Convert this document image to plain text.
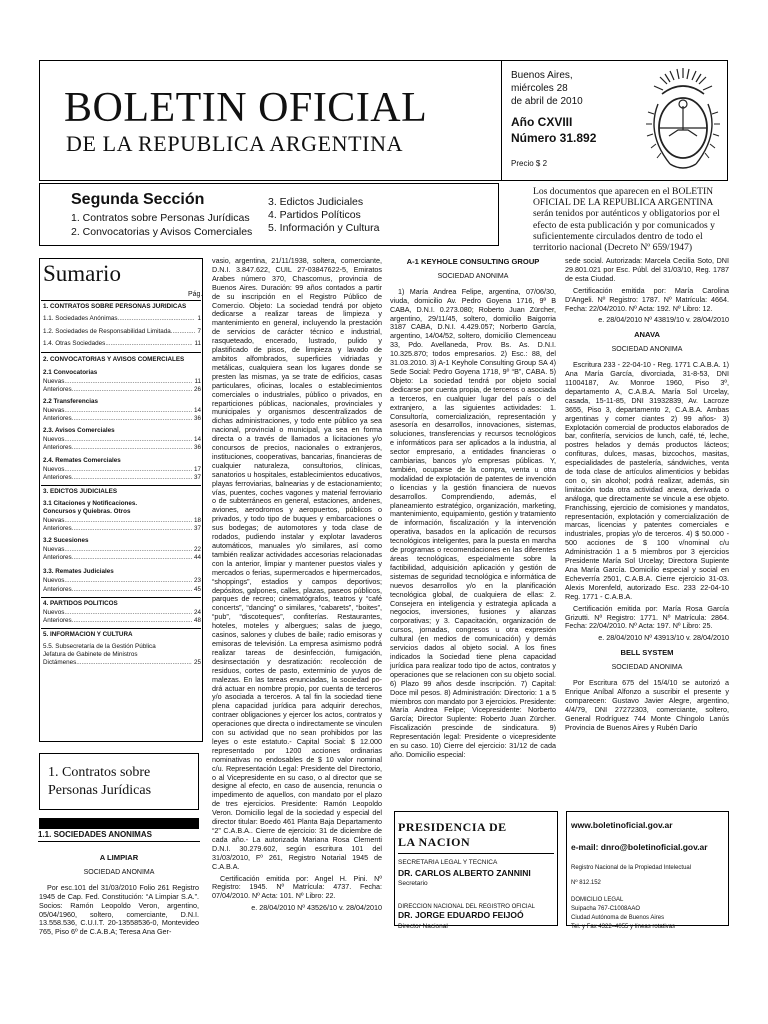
BOLETIN OFICIAL
DE LA REPUBLICA ARGENTINA
Buenos Aires,
miércoles 28
de abril de 2010
Año CXVIII
Número 31.892
Precio $ 2
Segunda Sección
1. Contratos sobre Personas Jurídicas
2. Convocatorias y Avisos Comerciales
3. Edictos Judiciales
4. Partidos Políticos
5. Información y Cultura
Los documentos que aparecen en el BOLETIN OFICIAL DE LA REPUBLICA ARGENTINA serán tenidos por auténticos y obligatorios por el efecto de esta publicación y por comunicados y suficientemente circulados dentro de todo el territorio nacional (Decreto Nº 659/1947)
Sumario
Pág.
1. CONTRATOS SOBRE PERSONAS JURIDICAS
1.1. Sociedades Anónimas .....	1
1.2. Sociedades de Responsabilidad Limitada .....	7
1.4. Otras Sociedades .....	11
2. CONVOCATORIAS Y AVISOS COMERCIALES
2.1 Convocatorias
Nuevas .....	11
Anteriores .....	26
2.2 Transferencias
Nuevas .....	14
Anteriores .....	36
2.3. Avisos Comerciales
Nuevos .....	14
Anteriores .....	36
2.4. Remates Comerciales
Nuevos .....	17
Anteriores .....	37
3. EDICTOS JUDICIALES
3.1 Citaciones y Notificaciones.
Concursos y Quiebras. Otros
Nuevas .....	18
Anteriores .....	37
3.2 Sucesiones
Nuevas .....	22
Anteriores .....	44
3.3. Remates Judiciales
Nuevos .....	23
Anteriores .....	45
4. PARTIDOS POLITICOS
Nuevos .....	24
Anteriores .....	48
5. INFORMACION Y CULTURA
5.5. Subsecretaría de la Gestión Pública
Jefatura de Gabinete de Ministros
Dictámenes .....	25
1. Contratos sobre
Personas Jurídicas
1.1. SOCIEDADES ANONIMAS
A LIMPIAR
SOCIEDAD ANONIMA

Por esc.101 del 31/03/2010 Folio 261 Registro 1945 de Cap. Fed. Constitución: “A Limpiar S.A.”. Socios: Ramón Leopoldo Veron, argentino, 05/04/1960, soltero, comerciante, D.N.I. 13.558.536, C.U.I.T. 20-13558536-0, Montevideo 765, Piso 6º de C.A.B.A; Teresa Ana Ger-

vasio, argentina, 21/11/1938, soltera, comerciante, D.N.I. 3.847.622, CUIL 27-03847622-5, Emiratos Arabes número 370, Chascomus, provincia de Buenos Aires. Duración: 99 años contados a partir de su inscripción en el Registro Público de Comercio. Objeto: La sociedad tendrá por objeto dedicarse a realizar tareas de limpieza y mantenimiento en general, incluyendo la prestación de servicios de carácter técnico e industrial, rasqueteado, encerado, lustrado, pulido y plastificado de pisos, de limpieza y lavado de ambitos alfombrados, superficies vidriadas y metálicas, cualquiera sean los lugares donde se presten las mismas, ya se trate de edificios, casas particulares, oficinas, locales o establecimientos comerciales o industriales, público o privados, en reparticiones públicas, nacionales, provinciales y municipales y organismos descentralizados de dichas administraciones, y todo ente público ya sea nacional, provincial o municipal, ya sea en forma directa o a través de llamados a licitaciones y/o concursos de precios, nacionales o extranjeros, instituciones, cooperativas, bancarias, financieras de cualquier naturaleza, consultorios, clínicas, sanatorios u hospitales, establecimientos educativos, playas ferroviarias, balnearias y de estacionamiento; vías, puentes, coches vagones y material ferroviario o de subterráneos en general, estaciones, andenes, aviones, aerodromos y aeropuertos, públicos o privados, y todo tipo de buques y embarcaciones o sus bodegas; de automotores y toda clase de rodados, pudiendo instalar y explotar lavaderos automáticos, manuales y/o similares, así como también realizar actividades accesorias relacionadas con la anterior, limpiar y mantener puestos viales y mercados o ferias, supermercados e hipermercados, “shoppings”, estadios y campos deportivos; depósitos, galpones, calles, plazas, paseos públicos, parques de recreo; cinematógrafos, teatros y “café concerts”, “dancing” o similares, “cabarets”, “boites”, “pub”, “discoteques”, confiterías. Restaurantes, hoteles, moteles y albergues; salas de juego, casinos, salones y clubes de baile; radio emisoras y emisoras de televisión. La empresa asimismo podrá realizar tareas de desinfección, fumigación, desinsectación y desratización: recolección de residuos, cortes de pasto, exterminio de yuyos de malezas. En las tareas enunciadas, la sociedad po-drá actuar en nombre propio, por cuenta de terceros y/o asociada a terceros. A tal fin la sociedad tiene plena capacidad jurídica para adquirir derechos, contraer obligaciones y ejercer los actos, contratos y operaciones que directa o indirectamente se vinculen con su actividad que no sean prohibidos por las leyes o este estatuto.- Capital Social: $ 12.000 representado por 1200 acciones ordinarias nominativas no endosables de $ 10 valor nominal c/u. Representación Legal: Presidente del Directorio, o al Vicepresidente en su caso, o al director que se designe al efecto, en caso de ausencia, renuncia o impedimento de aquellos, con mandato por el plazo de tres ejercicios. Presidente: Ramón Leopoldo Veron. Domicilio legal de la sociedad y especial del director titular: Boedo 461 Planta Baja Departamento “2” C.A.B.A.. Cierre de ejercicio: 31 de diciembre de cada año.- La autorizada Mariana Rosa Clementi D.N.I. 30.279.602, según escritura 101 del 31/03/2010, Fº 261, Registro Notarial 1945 de C.A.B.A.

Certificación emitida por: Angel H. Pini. Nº Registro: 1945. Nº Matrícula: 4737. Fecha: 07/04/2010. Nº Acta: 101. Nº Libro: 22.

e. 28/04/2010 Nº 43526/10 v. 28/04/2010
A-1 KEYHOLE CONSULTING GROUP
SOCIEDAD ANONIMA

1) María Andrea Felipe, argentina, 07/06/30, viuda, domicilio Av. Pedro Goyena 1716, 9º B CABA, D.N.I. 0.273.080; Roberto Juan Zürcher, argentino, 29/11/45, soltero, domicilio Baigorria 3187 CABA, D.N.I. 4.429.057; Norberto García, argentino, 14/04/52, soltero, domicilio Clemenceau 33, Pdo. Avellaneda, Prov. Bs. As. D.N.I. 10.325.870; todos empresarios. 2) Esc.: 88, del 31.03.2010. 3) A-1 Keyhole Consulting Group SA 4) Sede Social: Pedro Goyena 1718, 9º “B”, CABA. 5) Objeto: La sociedad tendrá por objeto social dedicarse por cuenta propia, de terceros o asociada a terceros, en cualquier lugar del país o del extranjero, a las siguientes actividades: 1. Consultoría, comercialización, representación y asesoría en desarrollos, innovaciones, sistemas, soluciones, transferencias y recursos tecnológicos e informáticos para ser aplicados a la industria, al sector empresario, a entidades financieras o cambiarias, bancos y/o empresas públicas. Y, también, ocuparse de la compra, venta u otra modalidad de explotación de patentes de invención o licencias y la gestión financiera de nuevos desarrollos. Comprendiendo, además, el planeamiento estratégico, organización, marketing, mantenimiento, equipamiento, gestión y tratamiento de información, fiscalización y la intervención operativa, basados en la aplicación de recursos tecnológicos inteligentes, para la puesta en marcha de programas o recomendaciones en las diferentes áreas tecnológicas, especialmente sobre la factibilidad, adquisición aplicación y gestión de sistemas de seguridad tecnológica e informática de nuevos desarrollos y/o en la planificación tecnológica global, de cualquiera de ellas: 2. Consejera en inteligencia y estrategia aplicada a negocios, inversiones, fusiones y alianzas corporativas; y 3. Capacitación, organización de cursos, jornadas, congresos u otra expresión cultural (en medios de comunicación) y demás servicios dados al objeto social. A los fines indicados la Sociedad tiene plena capacidad jurídica para realizar todo tipo de actos, contratos y operaciones que se relacionen con su objeto social. 6) Plazo 99 años desde inscripción. 7) Capital: Doce mil pesos. 8) Administración: Directorio: 1 a 5 miembros con mandato por 3 ejercicios. Presidente: María Andrea Felipe; Vicepresidente: Norberto García; Director Suplente: Roberto Juan Zürcher. Fiscalización prescinde de sindicatura. 9) Representación legal: Presidente o vicepresidente en su caso. 10) Cierre del ejercicio: 31/12 de cada año. Domicilio especial:

sede social. Autorizada: Marcela Cecilia Soto, DNI 29.801.021 por Esc. Públ. del 31/03/10, Reg. 1787 de esta Ciudad.

Certificación emitida por: María Carolina D'Angeli. Nº Registro: 1787. Nº Matrícula: 4664. Fecha: 22/04/2010. Nº Acta: 192. Nº Libro: 12.

e. 28/04/2010 Nº 43819/10 v. 28/04/2010
ANAVA
SOCIEDAD ANONIMA

Escritura 233 - 22-04-10 - Reg. 1771 C.A.B.A. 1) Ana María García, divorciada, 31-8-53, DNI 11004187, Av. Monroe 1960, Piso 3º, departamento A, C.A.B.A. María Sol Urcelay, casada, 15-11-85, DNI 31932839, Av. Lacroze 3655, Piso 3, departamento 2, C.A.B.A. Ambas argentinas y comer ciantes 2) 99 años- 3) Explotación comercial de productos elaborados de bar, confitería, servicios de lunch, café, té, leche, postres helados y demás productos lácteos; confituras, dulces, masas, bizcochos, masitas, especialidades de pastelería, sándwiches, venta de toda clase de artículos alimenticios y bebidas con o, sin alcohol; podrá realizar, además, sin limitación toda otra actividad anexa, derivada o análoga, que directamente se vincule a ese objeto. Franchissing, ejercicio de comisiones y mandatos, representación, explotación y comercialización de marcas, licencias y patentes comerciales e industriales, propias y/o de terceros. 4) $ 50.000 - 500 acciones de $ 100 v/nominal c/u Administración 1 a 5 miembros por 3 ejercicios Presidente María Sol Urcelay; Directora Supiente Ana María García. Domicilio especial y social en Echeverría 2501, C.A.B.A. Cierre ejercicio 31-03. Alexis Morenfeld, autorizado Esc. 233 22-04-10 Reg. 1771 - C.A.B.A.

Certificación emitida por: María Rosa García Grizutti. Nº Registro: 1771. Nº Matrícula: 2864. Fecha: 22/04/2010. Nº Acta: 197. Nº Libro: 25.

e. 28/04/2010 Nº 43913/10 v. 28/04/2010
BELL SYSTEM
SOCIEDAD ANONIMA

Por Escritura 675 del 15/4/10 se autorizó a Enrique Aníbal Alfonzo a suscribir el presente y comparecen: Gustavo Javier Alegre, argentino, 4/4/79, DNI 27272303, comerciante, soltero, General Rodríguez 744 Monte Chingolo Lanús Provincia de Buenos Aires y Rubén Darío

PRESIDENCIA DE
LA NACION
SECRETARIA LEGAL Y TECNICA
DR. CARLOS ALBERTO ZANNINI
Secretario
DIRECCION NACIONAL DEL REGISTRO OFICIAL
DR. JORGE EDUARDO FEIJOÓ
Director Nacional
www.boletinoficial.gov.ar
e-mail: dnro@boletinoficial.gov.ar
Registro Nacional de la Propiedad Intelectual
Nº 812.152
DOMICILIO LEGAL
Suipacha 767-C1008AAO
Ciudad Autónoma de Buenos Aires
Tel. y Fax 4322–4055 y líneas rotativas
